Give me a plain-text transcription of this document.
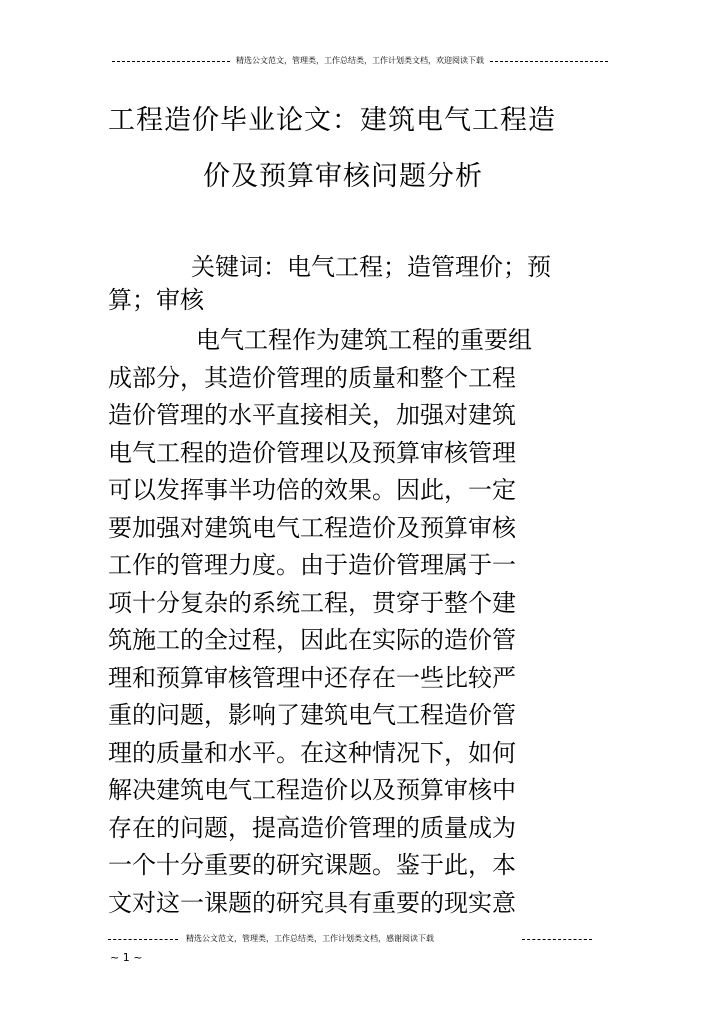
精选公文范文，管理类，工作总结类，工作计划类文档，欢迎阅读下载
工程造价毕业论文：建筑电气工程造
价及预算审核问题分析
关键词：电气工程；造管理价；预
算；审核
电气工程作为建筑工程的重要组
成部分，其造价管理的质量和整个工程
造价管理的水平直接相关，加强对建筑
电气工程的造价管理以及预算审核管理
可以发挥事半功倍的效果。因此，一定
要加强对建筑电气工程造价及预算审核
工作的管理力度。由于造价管理属于一
项十分复杂的系统工程，贯穿于整个建
筑施工的全过程，因此在实际的造价管
理和预算审核管理中还存在一些比较严
重的问题，影响了建筑电气工程造价管
理的质量和水平。在这种情况下，如何
解决建筑电气工程造价以及预算审核中
存在的问题，提高造价管理的质量成为
一个十分重要的研究课题。鉴于此，本
文对这一课题的研究具有重要的现实意
精选公文范文，管理类，工作总结类，工作计划类文档，感谢阅读下载
~ 1 ~
